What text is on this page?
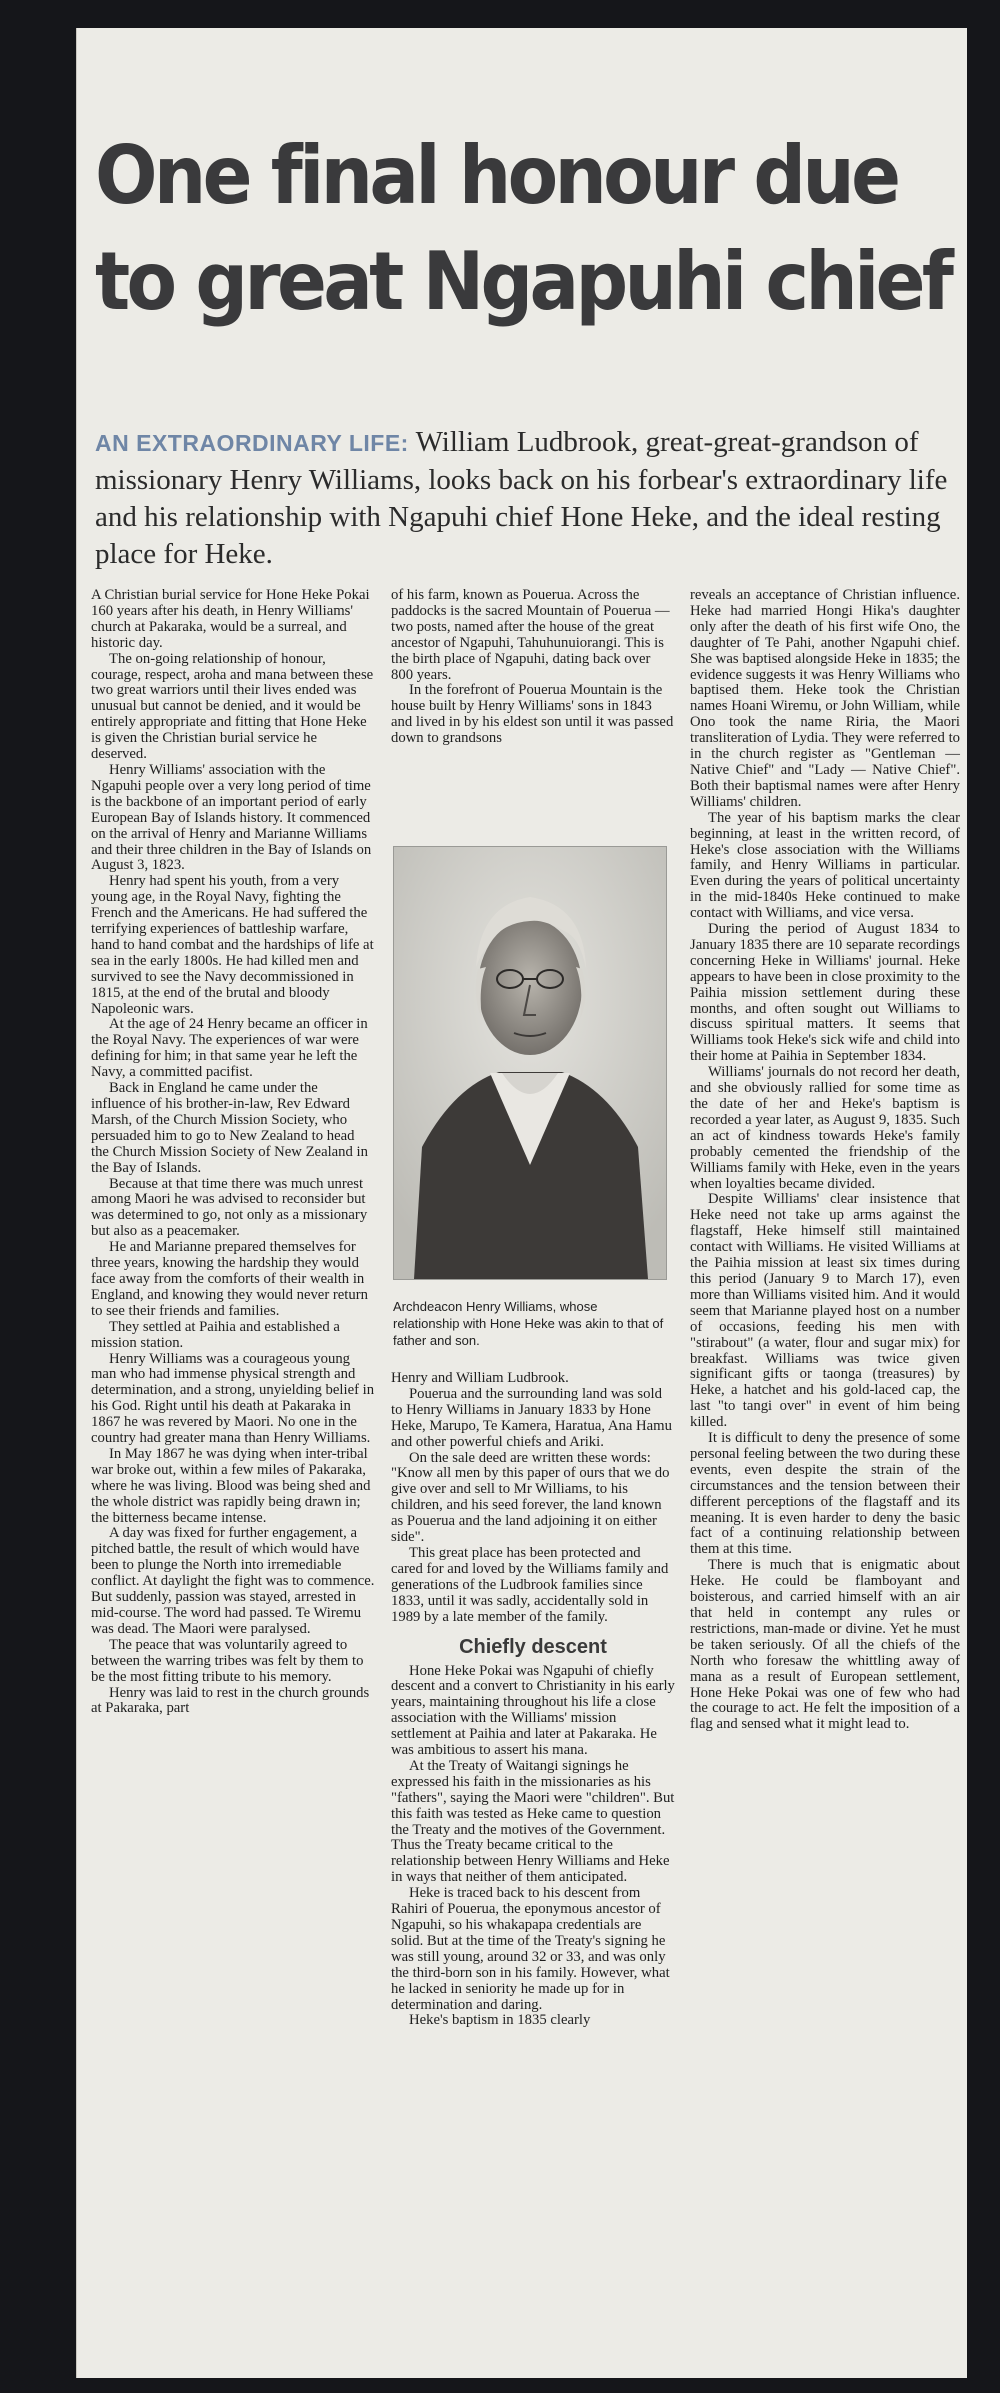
One final honour due
to great Ngapuhi chief

AN EXTRAORDINARY LIFE: William Ludbrook, great-great-grandson of missionary Henry Williams, looks back on his forbear's extraordinary life and his relationship with Ngapuhi chief Hone Heke, and the ideal resting place for Heke.

A Christian burial service for Hone Heke Pokai 160 years after his death, in Henry Williams' church at Pakaraka, would be a surreal, and historic day.

The on-going relationship of honour, courage, respect, aroha and mana between these two great warriors until their lives ended was unusual but cannot be denied, and it would be entirely appropriate and fitting that Hone Heke is given the Christian burial service he deserved.

Henry Williams' association with the Ngapuhi people over a very long period of time is the backbone of an important period of early European Bay of Islands history. It commenced on the arrival of Henry and Marianne Williams and their three children in the Bay of Islands on August 3, 1823.

Henry had spent his youth, from a very young age, in the Royal Navy, fighting the French and the Americans. He had suffered the terrifying experiences of battleship warfare, hand to hand combat and the hardships of life at sea in the early 1800s. He had killed men and survived to see the Navy decommissioned in 1815, at the end of the brutal and bloody Napoleonic wars.

At the age of 24 Henry became an officer in the Royal Navy. The experiences of war were defining for him; in that same year he left the Navy, a committed pacifist.

Back in England he came under the influence of his brother-in-law, Rev Edward Marsh, of the Church Mission Society, who persuaded him to go to New Zealand to head the Church Mission Society of New Zealand in the Bay of Islands.

Because at that time there was much unrest among Maori he was advised to reconsider but was determined to go, not only as a missionary but also as a peacemaker.

He and Marianne prepared themselves for three years, knowing the hardship they would face away from the comforts of their wealth in England, and knowing they would never return to see their friends and families.

They settled at Paihia and established a mission station.

Henry Williams was a courageous young man who had immense physical strength and determination, and a strong, unyielding belief in his God. Right until his death at Pakaraka in 1867 he was revered by Maori. No one in the country had greater mana than Henry Williams.

In May 1867 he was dying when inter-tribal war broke out, within a few miles of Pakaraka, where he was living. Blood was being shed and the whole district was rapidly being drawn in; the bitterness became intense.

A day was fixed for further engagement, a pitched battle, the result of which would have been to plunge the North into irremediable conflict. At daylight the fight was to commence. But suddenly, passion was stayed, arrested in mid-course. The word had passed. Te Wiremu was dead. The Maori were paralysed.

The peace that was voluntarily agreed to between the warring tribes was felt by them to be the most fitting tribute to his memory.

Henry was laid to rest in the church grounds at Pakaraka, part

of his farm, known as Pouerua. Across the paddocks is the sacred Mountain of Pouerua — two posts, named after the house of the great ancestor of Ngapuhi, Tahuhunuiorangi. This is the birth place of Ngapuhi, dating back over 800 years.

In the forefront of Pouerua Mountain is the house built by Henry Williams' sons in 1843 and lived in by his eldest son until it was passed down to grandsons

Archdeacon Henry Williams, whose relationship with Hone Heke was akin to that of father and son.

Henry and William Ludbrook.

Pouerua and the surrounding land was sold to Henry Williams in January 1833 by Hone Heke, Marupo, Te Kamera, Haratua, Ana Hamu and other powerful chiefs and Ariki.

On the sale deed are written these words: "Know all men by this paper of ours that we do give over and sell to Mr Williams, to his children, and his seed forever, the land known as Pouerua and the land adjoining it on either side".

This great place has been protected and cared for and loved by the Williams family and generations of the Ludbrook families since 1833, until it was sadly, accidentally sold in 1989 by a late member of the family.

Chiefly descent

Hone Heke Pokai was Ngapuhi of chiefly descent and a convert to Christianity in his early years, maintaining throughout his life a close association with the Williams' mission settlement at Paihia and later at Pakaraka. He was ambitious to assert his mana.

At the Treaty of Waitangi signings he expressed his faith in the missionaries as his "fathers", saying the Maori were "children". But this faith was tested as Heke came to question the Treaty and the motives of the Government. Thus the Treaty became critical to the relationship between Henry Williams and Heke in ways that neither of them anticipated.

Heke is traced back to his descent from Rahiri of Pouerua, the eponymous ancestor of Ngapuhi, so his whakapapa credentials are solid. But at the time of the Treaty's signing he was still young, around 32 or 33, and was only the third-born son in his family. However, what he lacked in seniority he made up for in determination and daring.

Heke's baptism in 1835 clearly

reveals an acceptance of Christian influence. Heke had married Hongi Hika's daughter only after the death of his first wife Ono, the daughter of Te Pahi, another Ngapuhi chief. She was baptised alongside Heke in 1835; the evidence suggests it was Henry Williams who baptised them. Heke took the Christian names Hoani Wiremu, or John William, while Ono took the name Riria, the Maori transliteration of Lydia. They were referred to in the church register as "Gentleman — Native Chief" and "Lady — Native Chief". Both their baptismal names were after Henry Williams' children.

The year of his baptism marks the clear beginning, at least in the written record, of Heke's close association with the Williams family, and Henry Williams in particular. Even during the years of political uncertainty in the mid-1840s Heke continued to make contact with Williams, and vice versa.

During the period of August 1834 to January 1835 there are 10 separate recordings concerning Heke in Williams' journal. Heke appears to have been in close proximity to the Paihia mission settlement during these months, and often sought out Williams to discuss spiritual matters. It seems that Williams took Heke's sick wife and child into their home at Paihia in September 1834.

Williams' journals do not record her death, and she obviously rallied for some time as the date of her and Heke's baptism is recorded a year later, as August 9, 1835. Such an act of kindness towards Heke's family probably cemented the friendship of the Williams family with Heke, even in the years when loyalties became divided.

Despite Williams' clear insistence that Heke need not take up arms against the flagstaff, Heke himself still maintained contact with Williams. He visited Williams at the Paihia mission at least six times during this period (January 9 to March 17), even more than Williams visited him. And it would seem that Marianne played host on a number of occasions, feeding his men with "stirabout" (a water, flour and sugar mix) for breakfast. Williams was twice given significant gifts or taonga (treasures) by Heke, a hatchet and his gold-laced cap, the last "to tangi over" in event of him being killed.

It is difficult to deny the presence of some personal feeling between the two during these events, even despite the strain of the circumstances and the tension between their different perceptions of the flagstaff and its meaning. It is even harder to deny the basic fact of a continuing relationship between them at this time.

There is much that is enigmatic about Heke. He could be flamboyant and boisterous, and carried himself with an air that held in contempt any rules or restrictions, man-made or divine. Yet he must be taken seriously. Of all the chiefs of the North who foresaw the whittling away of mana as a result of European settlement, Hone Heke Pokai was one of few who had the courage to act. He felt the imposition of a flag and sensed what it might lead to.
